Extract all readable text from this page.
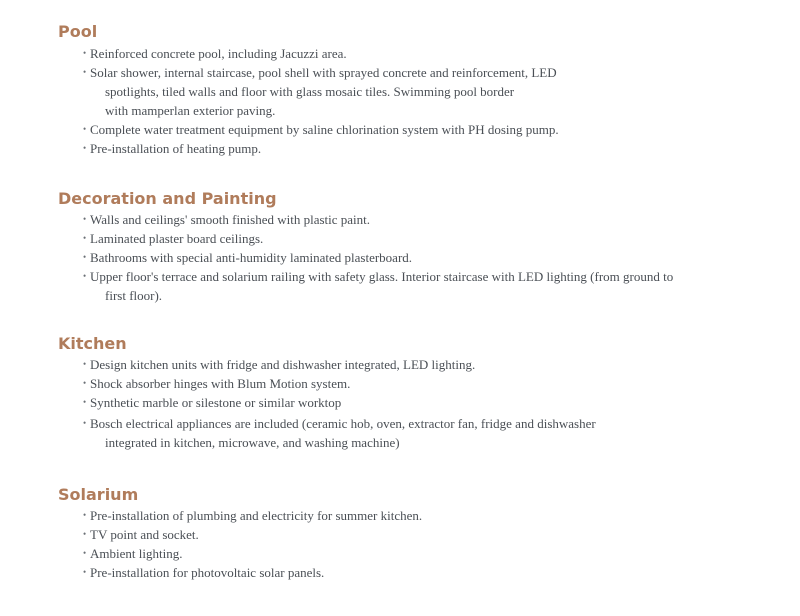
Pool
• Reinforced concrete pool, including Jacuzzi area.
• Solar shower, internal staircase, pool shell with sprayed concrete and reinforcement, LED
spotlights, tiled walls and floor with glass mosaic tiles. Swimming pool border
with mamperlan exterior paving.
• Complete water treatment equipment by saline chlorination system with PH dosing pump.
• Pre-installation of heating pump.
Decoration and Painting
• Walls and ceilings' smooth finished with plastic paint.
• Laminated plaster board ceilings.
• Bathrooms with special anti-humidity laminated plasterboard.
• Upper floor's terrace and solarium railing with safety glass. Interior staircase with LED lighting (from ground to
first floor).
Kitchen
• Design kitchen units with fridge and dishwasher integrated, LED lighting.
• Shock absorber hinges with Blum Motion system.
• Synthetic marble or silestone or similar worktop
• Bosch electrical appliances are included (ceramic hob, oven, extractor fan, fridge and dishwasher
integrated in kitchen, microwave, and washing machine)
Solarium
• Pre-installation of plumbing and electricity for summer kitchen.
• TV point and socket.
• Ambient lighting.
• Pre-installation for photovoltaic solar panels.
